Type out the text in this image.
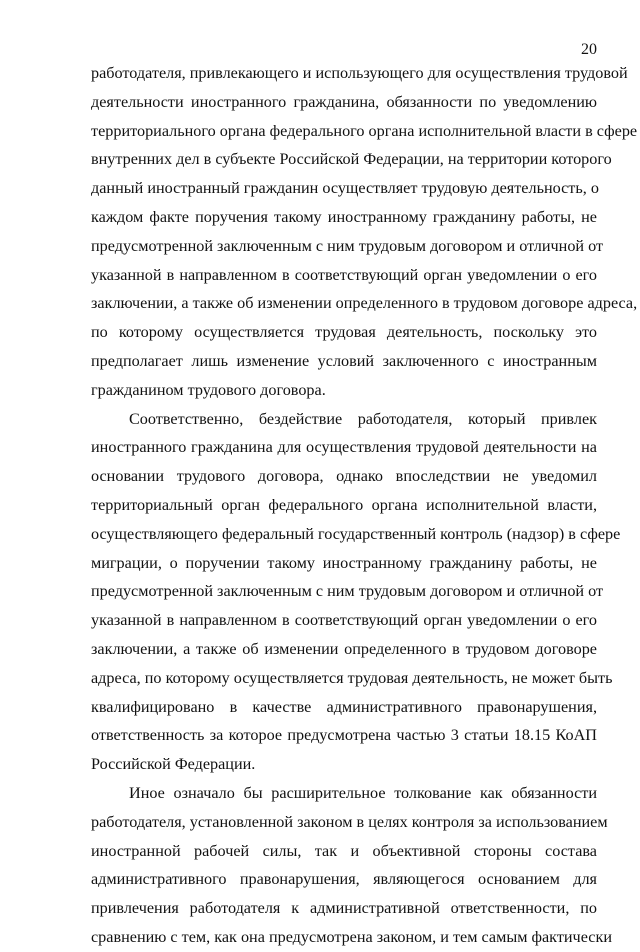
20
работодателя, привлекающего и использующего для осуществления трудовой
деятельности иностранного гражданина, обязанности по уведомлению
территориального органа федерального органа исполнительной власти в сфере
внутренних дел в субъекте Российской Федерации, на территории которого
данный иностранный гражданин осуществляет трудовую деятельность, о
каждом факте поручения такому иностранному гражданину работы, не
предусмотренной заключенным с ним трудовым договором и отличной от
указанной в направленном в соответствующий орган уведомлении о его
заключении, а также об изменении определенного в трудовом договоре адреса,
по которому осуществляется трудовая деятельность, поскольку это
предполагает лишь изменение условий заключенного с иностранным
гражданином трудового договора.
Соответственно, бездействие работодателя, который привлек
иностранного гражданина для осуществления трудовой деятельности на
основании трудового договора, однако впоследствии не уведомил
территориальный орган федерального органа исполнительной власти,
осуществляющего федеральный государственный контроль (надзор) в сфере
миграции, о поручении такому иностранному гражданину работы, не
предусмотренной заключенным с ним трудовым договором и отличной от
указанной в направленном в соответствующий орган уведомлении о его
заключении, а также об изменении определенного в трудовом договоре
адреса, по которому осуществляется трудовая деятельность, не может быть
квалифицировано в качестве административного правонарушения,
ответственность за которое предусмотрена частью 3 статьи 18.15 КоАП
Российской Федерации.
Иное означало бы расширительное толкование как обязанности
работодателя, установленной законом в целях контроля за использованием
иностранной рабочей силы, так и объективной стороны состава
административного правонарушения, являющегося основанием для
привлечения работодателя к административной ответственности, по
сравнению с тем, как она предусмотрена законом, и тем самым фактически
